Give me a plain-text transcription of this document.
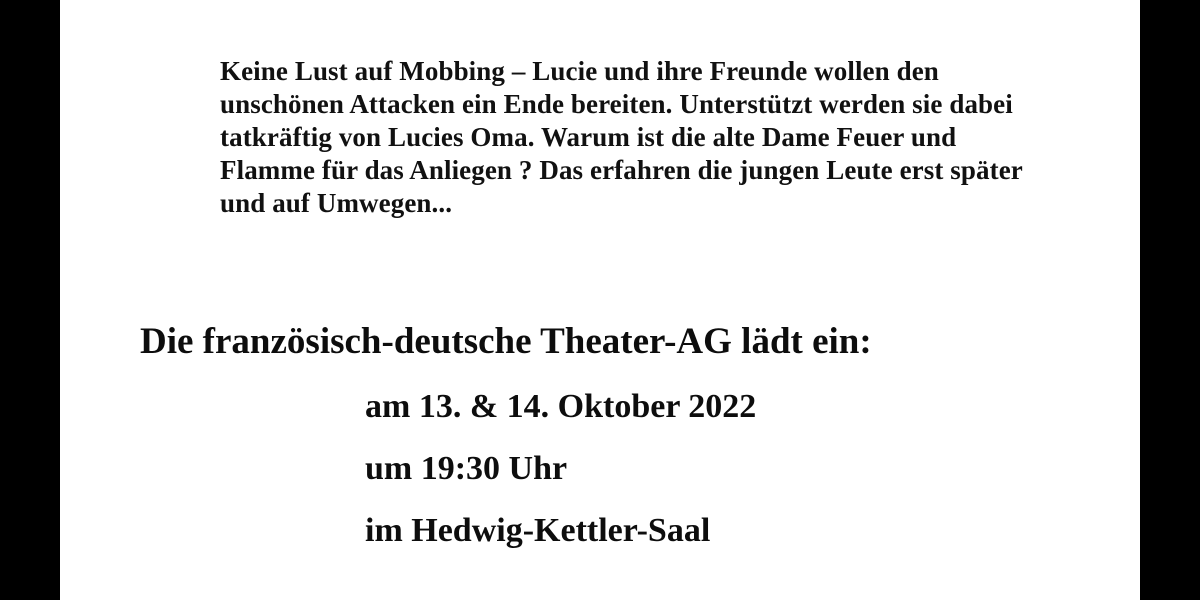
Keine Lust auf Mobbing – Lucie und ihre Freunde wollen den unschönen Attacken ein Ende bereiten. Unterstützt werden sie dabei tatkräftig von Lucies Oma. Warum ist die alte Dame Feuer und Flamme für das Anliegen ? Das erfahren die jungen Leute erst später und auf Umwegen...

Die französisch-deutsche Theater-AG lädt ein:
am 13. & 14. Oktober 2022
um 19:30 Uhr
im Hedwig-Kettler-Saal
